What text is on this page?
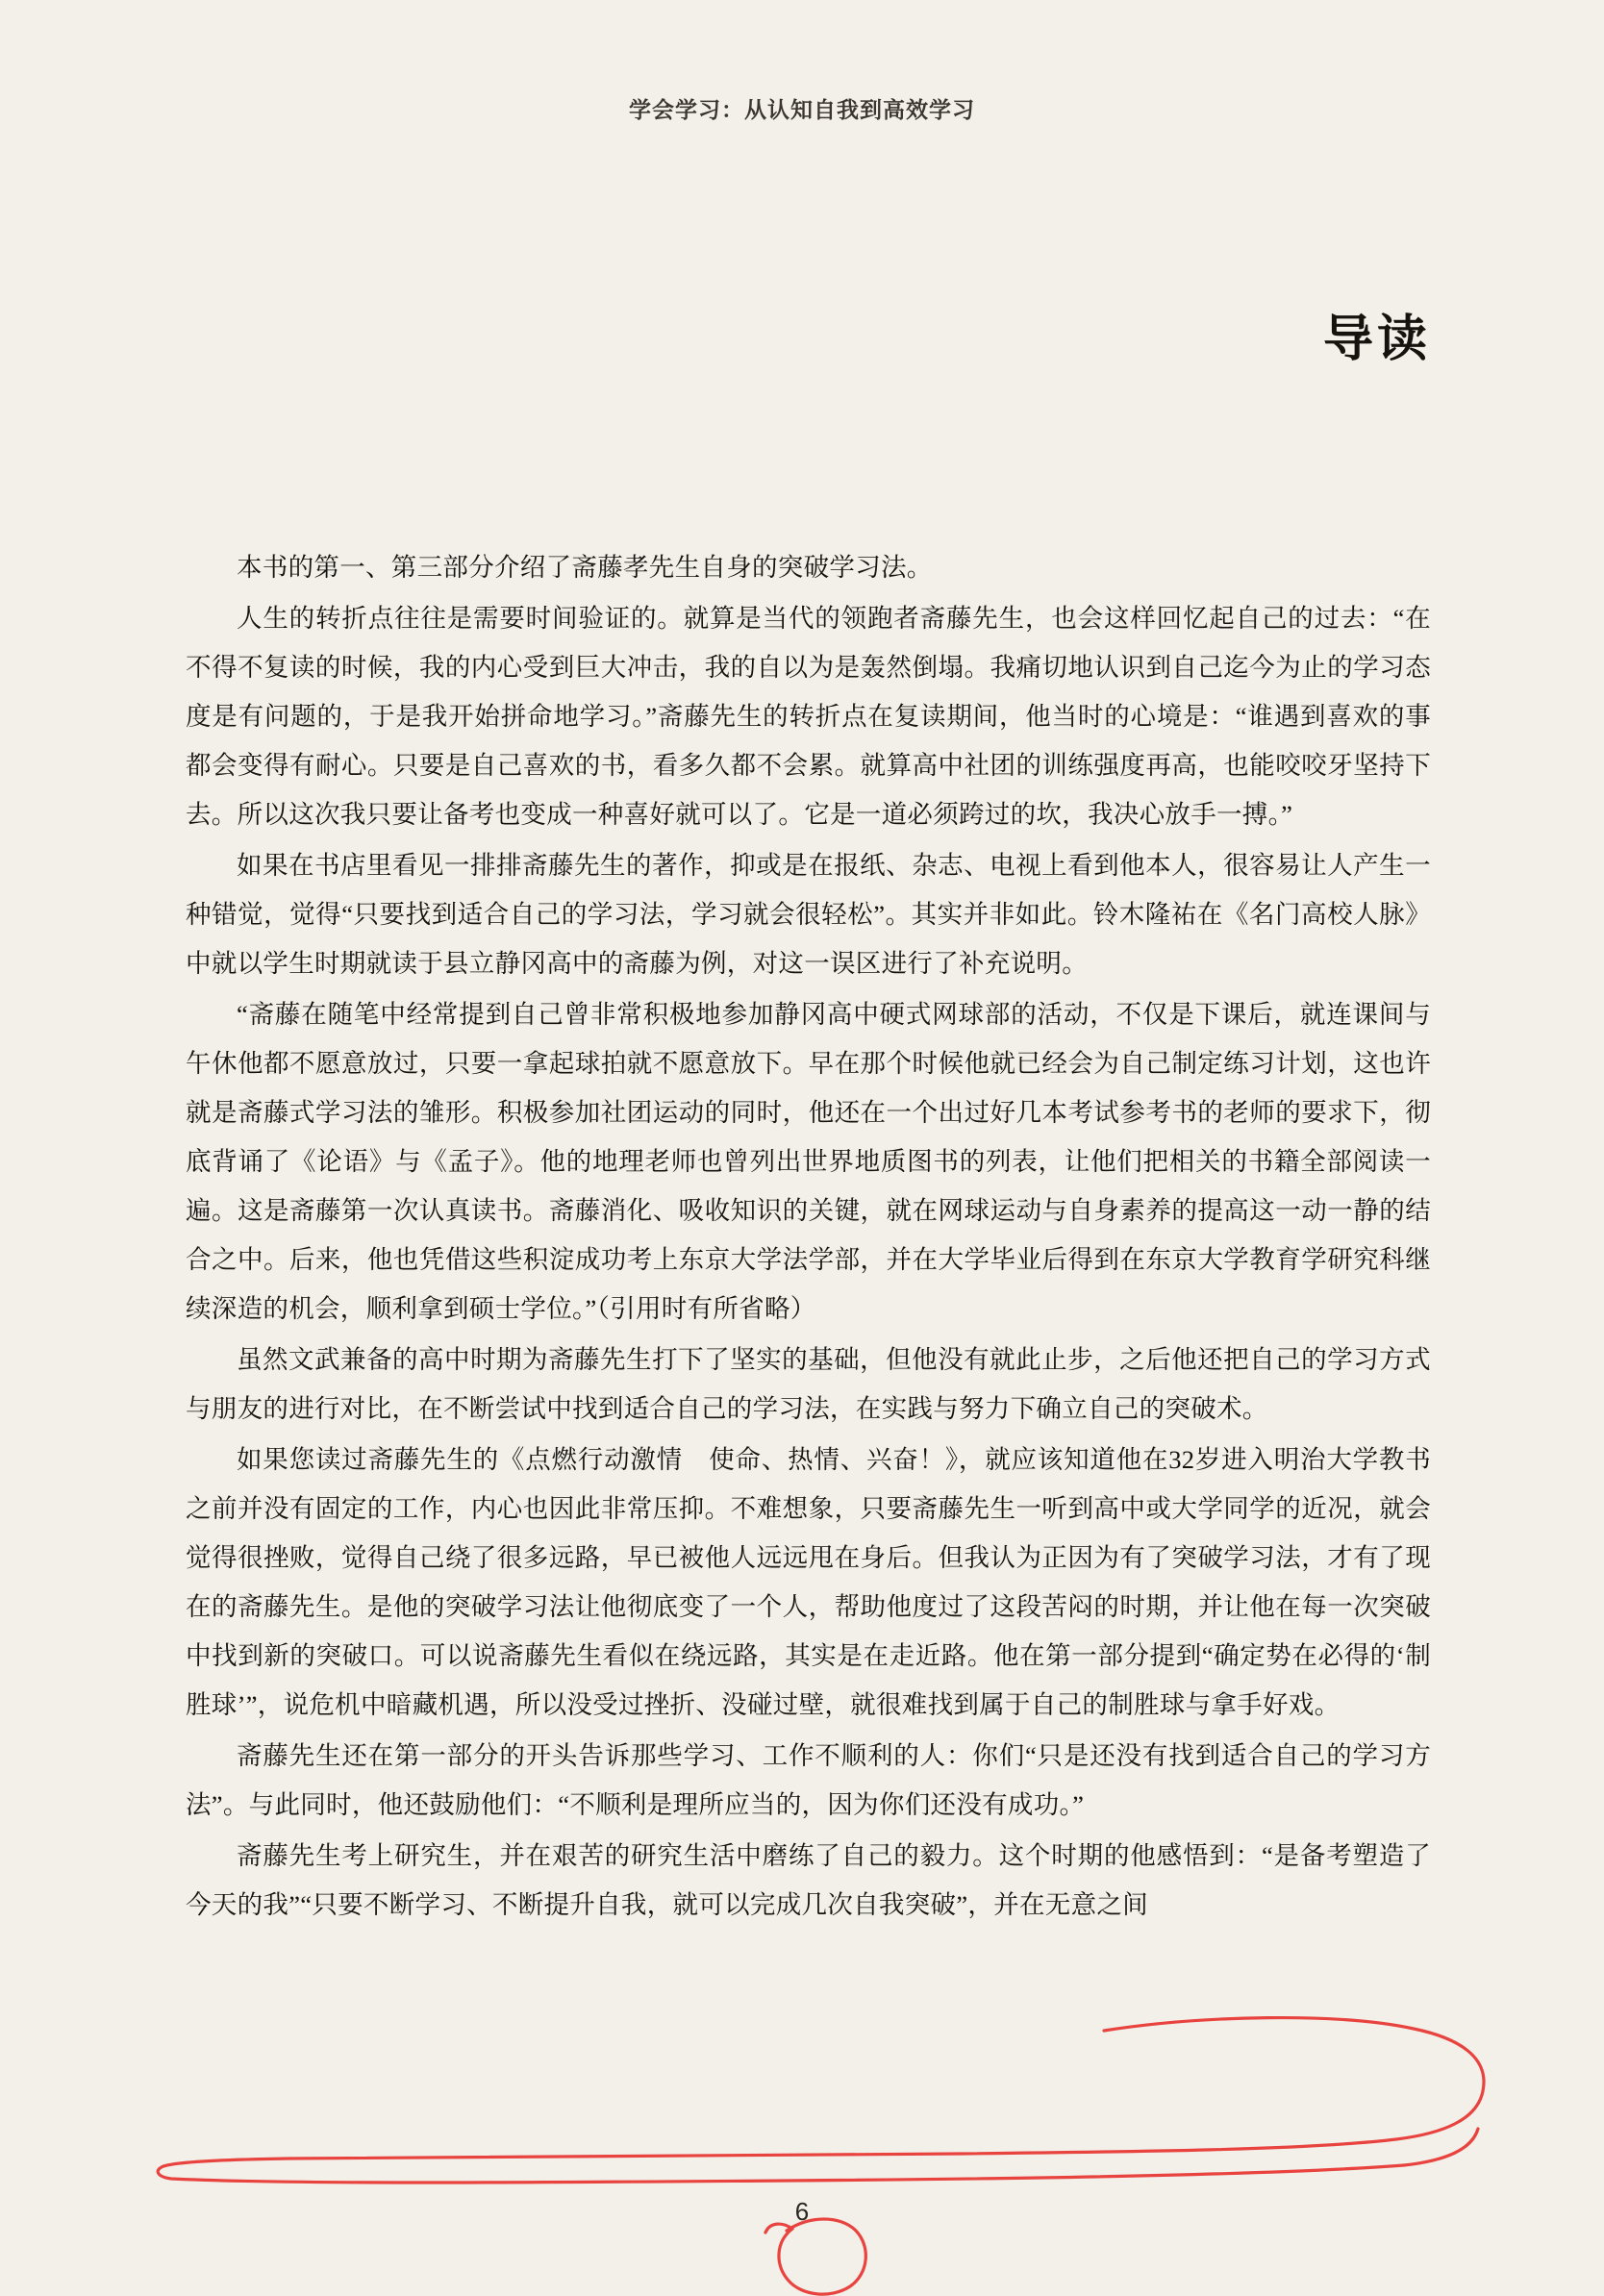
学会学习：从认知自我到高效学习
导读

本书的第一、第三部分介绍了斋藤孝先生自身的突破学习法。

人生的转折点往往是需要时间验证的。就算是当代的领跑者斋藤先生，也会这样回忆起自己的过去：“在不得不复读的时候，我的内心受到巨大冲击，我的自以为是轰然倒塌。我痛切地认识到自己迄今为止的学习态度是有问题的，于是我开始拼命地学习。”斋藤先生的转折点在复读期间，他当时的心境是：“谁遇到喜欢的事都会变得有耐心。只要是自己喜欢的书，看多久都不会累。就算高中社团的训练强度再高，也能咬咬牙坚持下去。所以这次我只要让备考也变成一种喜好就可以了。它是一道必须跨过的坎，我决心放手一搏。”

如果在书店里看见一排排斋藤先生的著作，抑或是在报纸、杂志、电视上看到他本人，很容易让人产生一种错觉，觉得“只要找到适合自己的学习法，学习就会很轻松”。其实并非如此。铃木隆祐在《名门高校人脉》中就以学生时期就读于县立静冈高中的斋藤为例，对这一误区进行了补充说明。

“斋藤在随笔中经常提到自己曾非常积极地参加静冈高中硬式网球部的活动，不仅是下课后，就连课间与午休他都不愿意放过，只要一拿起球拍就不愿意放下。早在那个时候他就已经会为自己制定练习计划，这也许就是斋藤式学习法的雏形。积极参加社团运动的同时，他还在一个出过好几本考试参考书的老师的要求下，彻底背诵了《论语》与《孟子》。他的地理老师也曾列出世界地质图书的列表，让他们把相关的书籍全部阅读一遍。这是斋藤第一次认真读书。斋藤消化、吸收知识的关键，就在网球运动与自身素养的提高这一动一静的结合之中。后来，他也凭借这些积淀成功考上东京大学法学部，并在大学毕业后得到在东京大学教育学研究科继续深造的机会，顺利拿到硕士学位。”（引用时有所省略）

虽然文武兼备的高中时期为斋藤先生打下了坚实的基础，但他没有就此止步，之后他还把自己的学习方式与朋友的进行对比，在不断尝试中找到适合自己的学习法，在实践与努力下确立自己的突破术。

如果您读过斋藤先生的《点燃行动激情　使命、热情、兴奋！》，就应该知道他在32岁进入明治大学教书之前并没有固定的工作，内心也因此非常压抑。不难想象，只要斋藤先生一听到高中或大学同学的近况，就会觉得很挫败，觉得自己绕了很多远路，早已被他人远远甩在身后。但我认为正因为有了突破学习法，才有了现在的斋藤先生。是他的突破学习法让他彻底变了一个人，帮助他度过了这段苦闷的时期，并让他在每一次突破中找到新的突破口。可以说斋藤先生看似在绕远路，其实是在走近路。他在第一部分提到“确定势在必得的‘制胜球’”，说危机中暗藏机遇，所以没受过挫折、没碰过壁，就很难找到属于自己的制胜球与拿手好戏。

斋藤先生还在第一部分的开头告诉那些学习、工作不顺利的人：你们“只是还没有找到适合自己的学习方法”。与此同时，他还鼓励他们：“不顺利是理所应当的，因为你们还没有成功。”

斋藤先生考上研究生，并在艰苦的研究生活中磨练了自己的毅力。这个时期的他感悟到：“是备考塑造了今天的我”“只要不断学习、不断提升自我，就可以完成几次自我突破”，并在无意之间

6
